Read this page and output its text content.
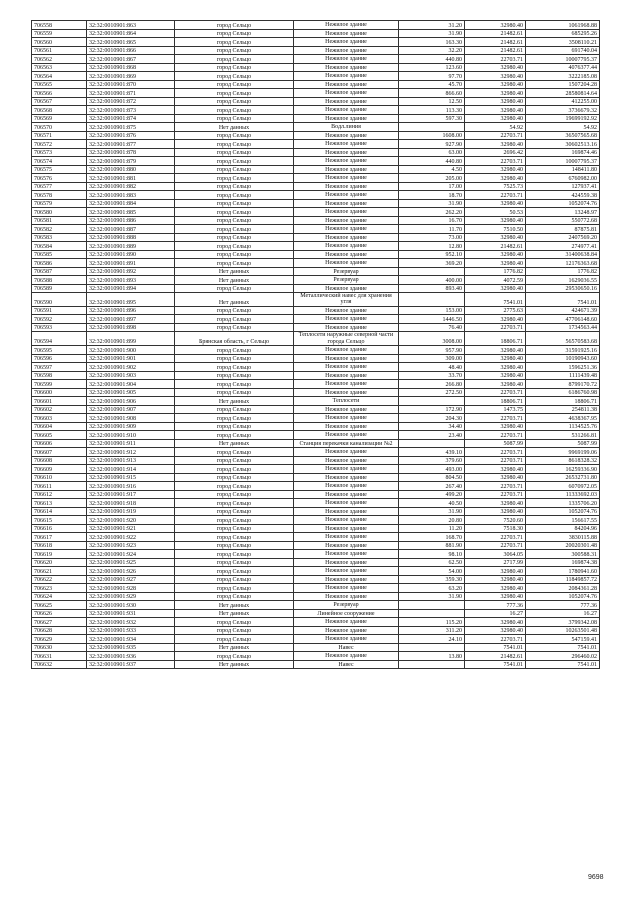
706558	32:32:0010901:863	город Сельцо	Нежилое здание	31.20	32980.40	1061968.88
706559	32:32:0010901:864	город Сельцо	Нежилое здание	31.90	21482.61	685295.26
706560	32:32:0010901:865	город Сельцо	Нежилое здание	163.30	21482.61	3508110.21
706561	32:32:0010901:866	город Сельцо	Нежилое здание	32.20	21482.61	691740.04
706562	32:32:0010901:867	город Сельцо	Нежилое здание	440.80	22703.71	10007795.37
706563	32:32:0010901:868	город Сельцо	Нежилое здание	123.60	32980.40	4076377.44
706564	32:32:0010901:869	город Сельцо	Нежилое здание	97.70	32980.40	3222185.08
706565	32:32:0010901:870	город Сельцо	Нежилое здание	45.70	32980.40	1507204.28
706566	32:32:0010901:871	город Сельцо	Нежилое здание	866.60	32980.40	28580814.64
706567	32:32:0010901:872	город Сельцо	Нежилое здание	12.50	32980.40	412255.00
706568	32:32:0010901:873	город Сельцо	Нежилое здание	113.30	32980.40	3736679.32
706569	32:32:0010901:874	город Сельцо	Нежилое здание	597.30	32980.40	19699192.92
706570	32:32:0010901:875	Нет данных	Водл.линия		54.92	54.92
706571	32:32:0010901:876	город Сельцо	Нежилое здание	1608.00	22703.71	36507565.68
706572	32:32:0010901:877	город Сельцо	Нежилое здание	927.90	32980.40	30602513.16
706573	32:32:0010901:878	город Сельцо	Нежилое здание	63.00	2696.42	169874.46
706574	32:32:0010901:879	город Сельцо	Нежилое здание	440.80	22703.71	10007795.37
706575	32:32:0010901:880	город Сельцо	Нежилое здание	4.50	32980.40	148411.80
706576	32:32:0010901:881	город Сельцо	Нежилое здание	205.00	32980.40	6760982.00
706577	32:32:0010901:882	город Сельцо	Нежилое здание	17.00	7525.73	127937.41
706578	32:32:0010901:883	город Сельцо	Нежилое здание	18.70	22703.71	424559.38
706579	32:32:0010901:884	город Сельцо	Нежилое здание	31.90	32980.40	1052074.76
706580	32:32:0010901:885	город Сельцо	Нежилое здание	262.20	50.53	13248.97
706581	32:32:0010901:886	город Сельцо	Нежилое здание	16.70	32980.40	550772.68
706582	32:32:0010901:887	город Сельцо	Нежилое здание	11.70	7510.50	87875.81
706583	32:32:0010901:888	город Сельцо	Нежилое здание	73.00	32980.40	2407569.20
706584	32:32:0010901:889	город Сельцо	Нежилое здание	12.80	21482.61	274977.41
706585	32:32:0010901:890	город Сельцо	Нежилое здание	952.10	32980.40	31400638.84
706586	32:32:0010901:891	город Сельцо	Нежилое здание	369.20	32980.40	12176363.68
706587	32:32:0010901:892	Нет данных	Резервуар		1776.82	1776.82
706588	32:32:0010901:893	Нет данных	Резервуар	400.00	4072.59	1629036.55
706589	32:32:0010901:894	город Сельцо	Нежилое здание	893.40	32980.40	29530650.16
706590	32:32:0010901:895	Нет данных	Металлический навес для хранения угля		7541.01	7541.01
706591	32:32:0010901:896	город Сельцо	Нежилое здание	153.00	2775.63	424671.39
706592	32:32:0010901:897	город Сельцо	Нежилое здание	1446.50	32980.40	47706148.60
706593	32:32:0010901:898	город Сельцо	Нежилое здание	76.40	22703.71	1734563.44
706594	32:32:0010901:899	Брянская область, г Сельцо	Теплосети наружные северной части города Сельцо	3008.00	18806.71	56570583.68
706595	32:32:0010901:900	город Сельцо	Нежилое здание	957.90	32980.40	31591925.16
706596	32:32:0010901:901	город Сельцо	Нежилое здание	309.00	32980.40	10190943.60
706597	32:32:0010901:902	город Сельцо	Нежилое здание	48.40	32980.40	1596251.36
706598	32:32:0010901:903	город Сельцо	Нежилое здание	33.70	32980.40	1111439.48
706599	32:32:0010901:904	город Сельцо	Нежилое здание	266.80	32980.40	8799170.72
706600	32:32:0010901:905	город Сельцо	Нежилое здание	272.50	22703.71	6186760.98
706601	32:32:0010901:906	Нет данных	Теплосети		18806.71	18806.71
706602	32:32:0010901:907	город Сельцо	Нежилое здание	172.90	1473.75	254811.38
706603	32:32:0010901:908	город Сельцо	Нежилое здание	204.30	22703.71	4638367.95
706604	32:32:0010901:909	город Сельцо	Нежилое здание	34.40	32980.40	1134525.76
706605	32:32:0010901:910	город Сельцо	Нежилое здание	23.40	22703.71	531266.81
706606	32:32:0010901:911	Нет данных	Станция перекачки канализации №2		5087.99	5087.99
706607	32:32:0010901:912	город Сельцо	Нежилое здание	439.10	22703.71	9969199.06
706608	32:32:0010901:913	город Сельцо	Нежилое здание	379.60	22703.71	8618328.32
706609	32:32:0010901:914	город Сельцо	Нежилое здание	493.00	32980.40	16259336.90
706610	32:32:0010901:915	город Сельцо	Нежилое здание	804.50	32980.40	26532731.80
706611	32:32:0010901:916	город Сельцо	Нежилое здание	267.40	22703.71	6070972.05
706612	32:32:0010901:917	город Сельцо	Нежилое здание	499.20	22703.71	11333692.03
706613	32:32:0010901:918	город Сельцо	Нежилое здание	40.50	32980.40	1335706.20
706614	32:32:0010901:919	город Сельцо	Нежилое здание	31.90	32980.40	1052074.76
706615	32:32:0010901:920	город Сельцо	Нежилое здание	20.80	7520.60	156617.55
706616	32:32:0010901:921	город Сельцо	Нежилое здание	11.20	7518.30	84204.96
706617	32:32:0010901:922	город Сельцо	Нежилое здание	168.70	22703.71	3830115.88
706618	32:32:0010901:923	город Сельцо	Нежилое здание	881.90	22703.71	20020301.48
706619	32:32:0010901:924	город Сельцо	Нежилое здание	98.10	3064.05	300588.31
706620	32:32:0010901:925	город Сельцо	Нежилое здание	62.50	2717.99	169874.38
706621	32:32:0010901:926	город Сельцо	Нежилое здание	54.00	32980.40	1780941.60
706622	32:32:0010901:927	город Сельцо	Нежилое здание	359.30	32980.40	11849857.72
706623	32:32:0010901:928	город Сельцо	Нежилое здание	63.20	32980.40	2084361.28
706624	32:32:0010901:929	город Сельцо	Нежилое здание	31.90	32980.40	1052074.76
706625	32:32:0010901:930	Нет данных	Резервуар		777.36	777.36
706626	32:32:0010901:931	Нет данных	Линейное сооружение		16.27	16.27
706627	32:32:0010901:932	город Сельцо	Нежилое здание	115.20	32980.40	3799342.08
706628	32:32:0010901:933	город Сельцо	Нежилое здание	311.20	32980.40	10263501.48
706629	32:32:0010901:934	город Сельцо	Нежилое здание	24.10	22703.71	547159.41
706630	32:32:0010901:935	Нет данных	Навес		7541.01	7541.01
706631	32:32:0010901:936	город Сельцо	Нежилое здание	13.80	21482.61	296460.02
706632	32:32:0010901:937	Нет данных	Навес		7541.01	7541.01
9698
